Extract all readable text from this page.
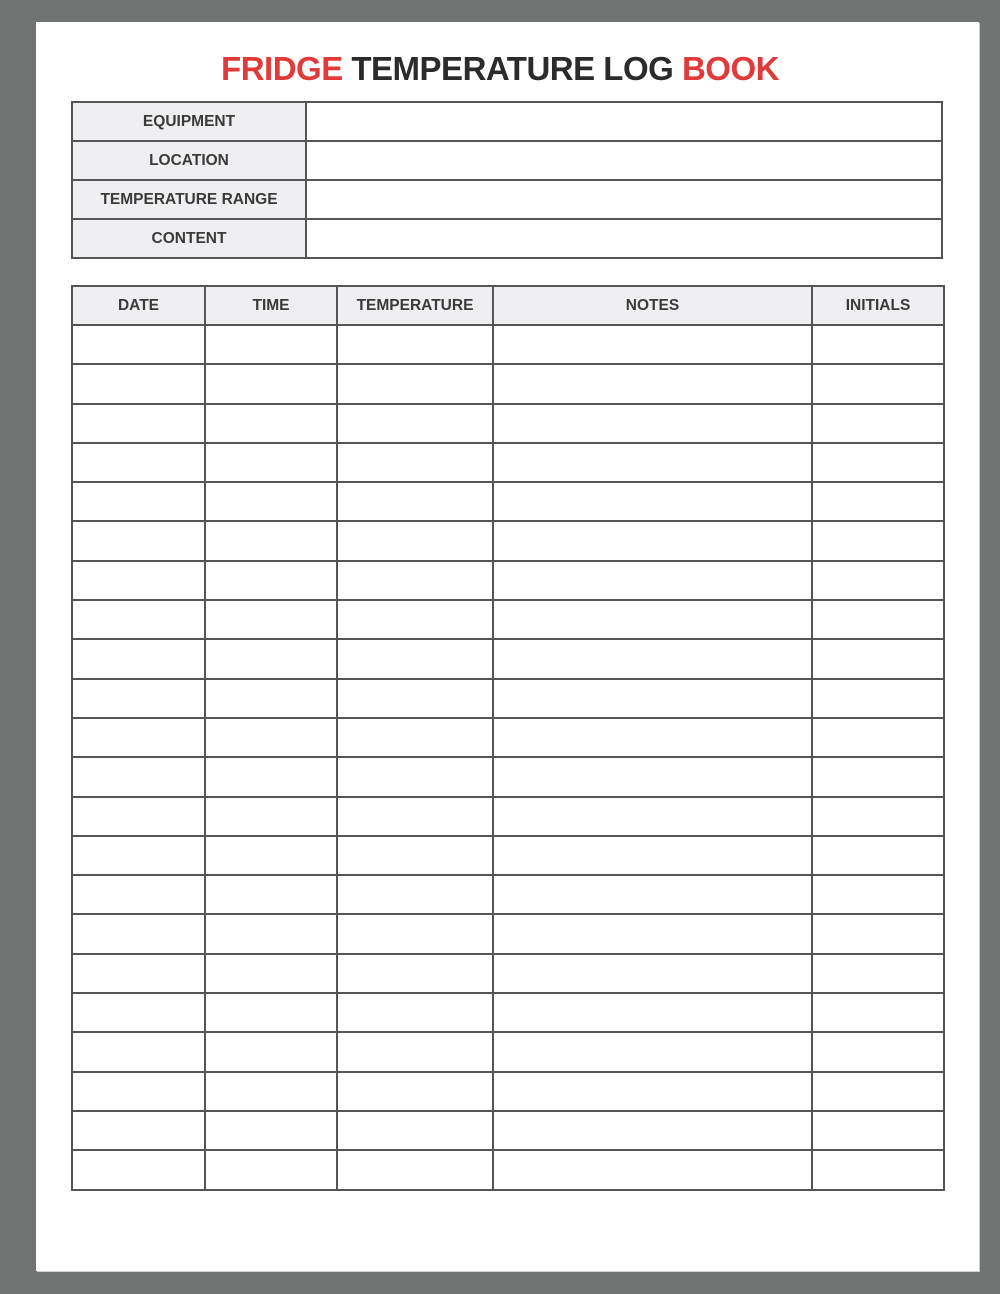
FRIDGE TEMPERATURE LOG BOOK
EQUIPMENT	
LOCATION	
TEMPERATURE RANGE	
CONTENT	
DATE	TIME	TEMPERATURE	NOTES	INITIALS
